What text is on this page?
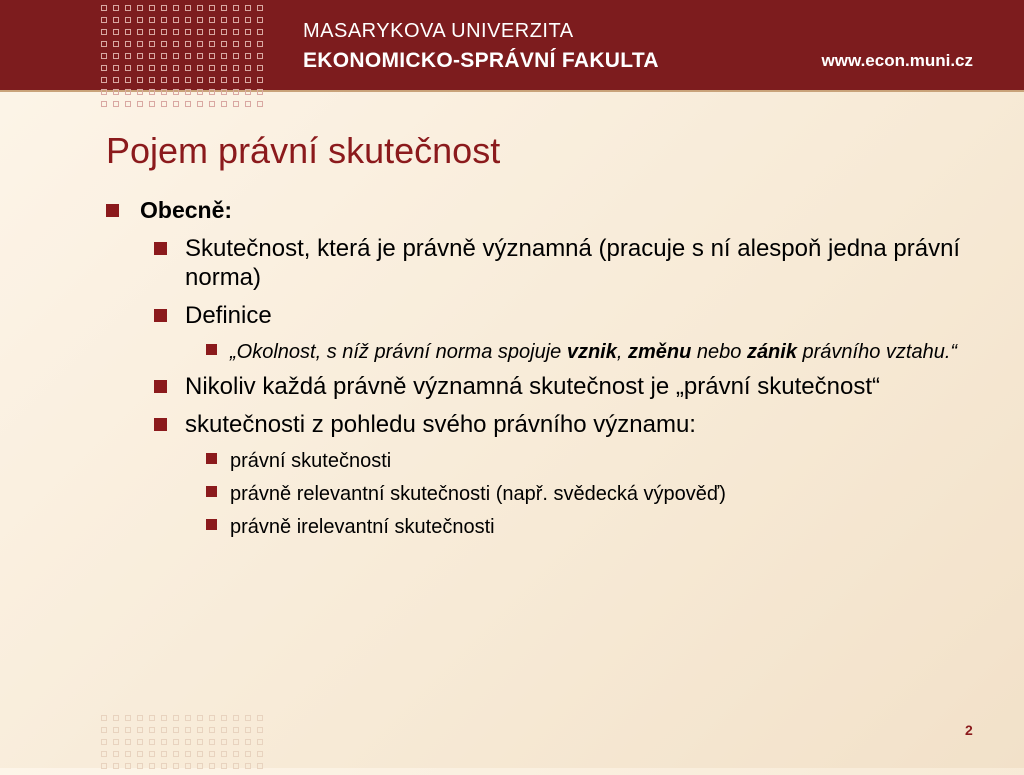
MASARYKOVA UNIVERZITA
EKONOMICKO-SPRÁVNÍ FAKULTA	www.econ.muni.cz
Pojem právní skutečnost
Obecně:
Skutečnost, která je právně významná (pracuje s ní alespoň jedna právní norma)
Definice
„Okolnost, s níž právní norma spojuje vznik, změnu nebo zánik právního vztahu.“
Nikoliv každá právně významná skutečnost je „právní skutečnost“
skutečnosti z pohledu svého právního významu:
právní skutečnosti
právně relevantní skutečnosti (např. svědecká výpověď)
právně irelevantní skutečnosti
2
